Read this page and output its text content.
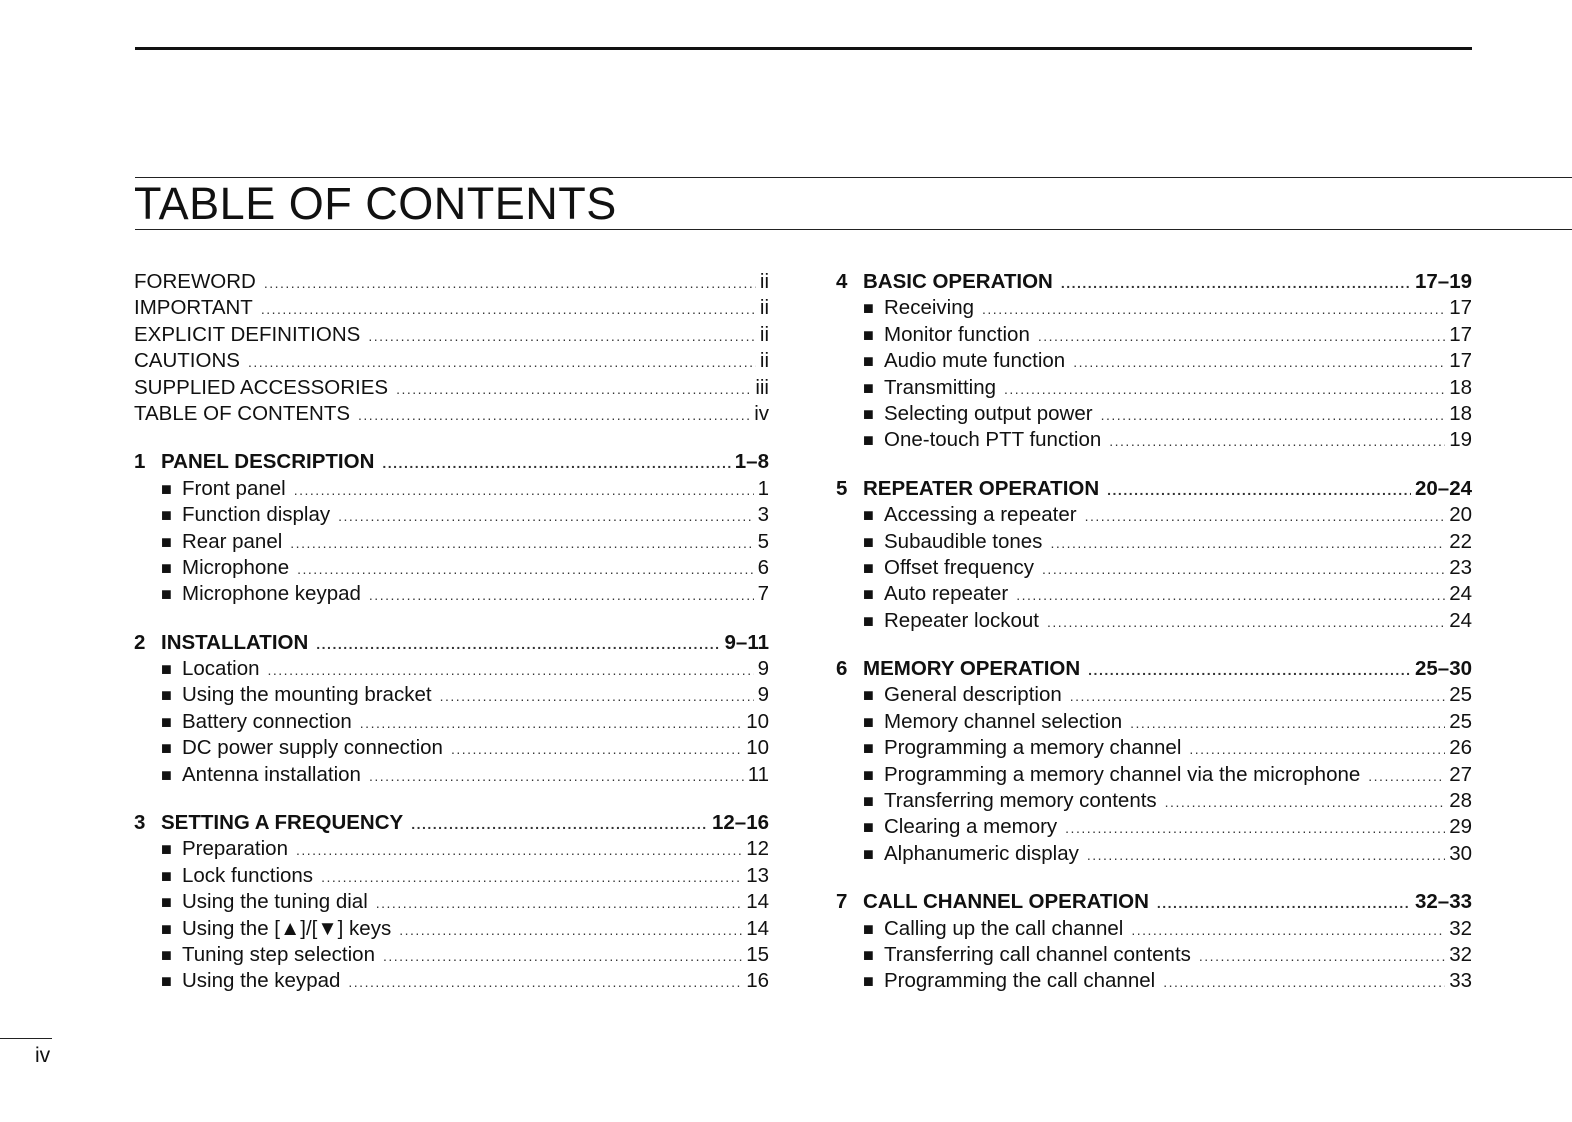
TABLE OF CONTENTS
FOREWORD .....	ii
IMPORTANT .....	ii
EXPLICIT DEFINITIONS .....	ii
CAUTIONS .....	ii
SUPPLIED ACCESSORIES .....	iii
TABLE OF CONTENTS .....	iv
1 PANEL DESCRIPTION .....	1–8
■ Front panel .....	1
■ Function display .....	3
■ Rear panel .....	5
■ Microphone .....	6
■ Microphone keypad .....	7
2 INSTALLATION .....	9–11
■ Location .....	9
■ Using the mounting bracket .....	9
■ Battery connection .....	10
■ DC power supply connection .....	10
■ Antenna installation .....	11
3 SETTING A FREQUENCY .....	12–16
■ Preparation .....	12
■ Lock functions .....	13
■ Using the tuning dial .....	14
■ Using the [▲]/[▼] keys .....	14
■ Tuning step selection .....	15
■ Using the keypad .....	16
4 BASIC OPERATION .....	17–19
■ Receiving .....	17
■ Monitor function .....	17
■ Audio mute function .....	17
■ Transmitting .....	18
■ Selecting output power .....	18
■ One-touch PTT function .....	19
5 REPEATER OPERATION .....	20–24
■ Accessing a repeater .....	20
■ Subaudible tones .....	22
■ Offset frequency .....	23
■ Auto repeater .....	24
■ Repeater lockout .....	24
6 MEMORY OPERATION .....	25–30
■ General description .....	25
■ Memory channel selection .....	25
■ Programming a memory channel .....	26
■ Programming a memory channel via the microphone .....	27
■ Transferring memory contents .....	28
■ Clearing a memory .....	29
■ Alphanumeric display .....	30
7 CALL CHANNEL OPERATION .....	32–33
■ Calling up the call channel .....	32
■ Transferring call channel contents .....	32
■ Programming the call channel .....	33
iv
